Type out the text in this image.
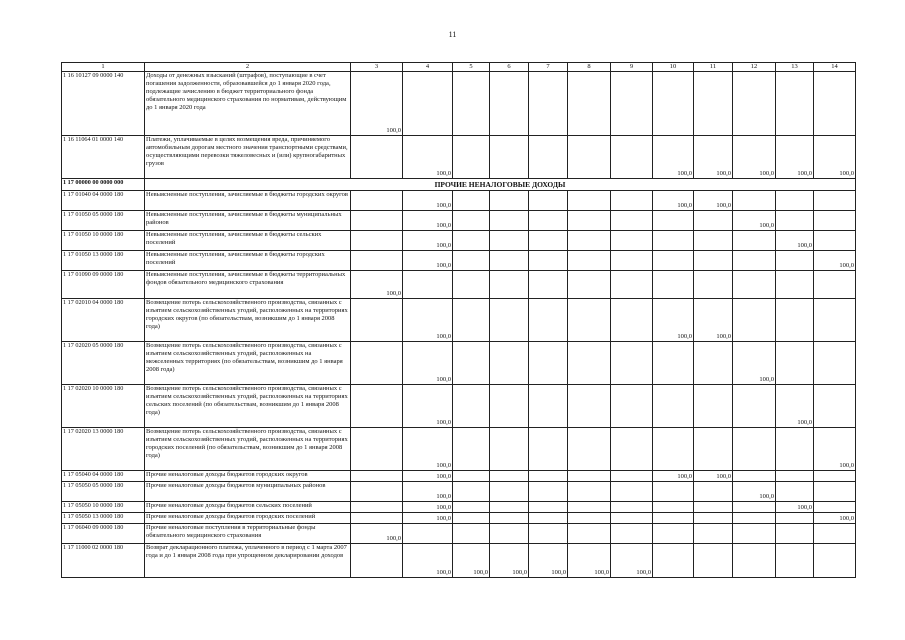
11
1	2	3	4	5	6	7	8	9	10	11	12	13	14
1 16 10127 09 0000 140	Доходы от денежных взысканий (штрафов), поступающие в счет погашения задолженности, образовавшейся до 1 января 2020 года, подлежащие зачислению в бюджет территориального фонда обязательного медицинского страхования по нормативам, действующим до 1 января 2020 года	100,0											
1 16 11064 01 0000 140	Платежи, уплачиваемые в целях возмещения вреда, причиняемого автомобильным дорогам местного значения транспортными средствами, осуществляющими перевозки тяжеловесных и (или) крупногабаритных грузов		100,0						100,0	100,0	100,0	100,0	100,0
1 17 00000 00 0000 000	ПРОЧИЕ НЕНАЛОГОВЫЕ ДОХОДЫ												
1 17 01040 04 0000 180	Невыясненные поступления, зачисляемые в бюджеты городских округов		100,0						100,0	100,0			
1 17 01050 05 0000 180	Невыясненные поступления, зачисляемые в бюджеты муниципальных районов		100,0								100,0		
1 17 01050 10 0000 180	Невыясненные поступления, зачисляемые в бюджеты сельских поселений		100,0									100,0	
1 17 01050 13 0000 180	Невыясненные поступления, зачисляемые в бюджеты городских поселений		100,0										100,0
1 17 01090 09 0000 180	Невыясненные поступления, зачисляемые в бюджеты территориальных фондов обязательного медицинского страхования	100,0											
1 17 02010 04 0000 180	Возмещение потерь сельскохозяйственного производства, связанных с изъятием сельскохозяйственных угодий, расположенных на территориях городских округов (по обязательствам, возникшим до 1 января 2008 года)		100,0						100,0	100,0			
1 17 02020 05 0000 180	Возмещение потерь сельскохозяйственного производства, связанных с изъятием сельскохозяйственных угодий, расположенных на межселенных территориях (по обязательствам, возникшим до 1 января 2008 года)		100,0								100,0		
1 17 02020 10 0000 180	Возмещение потерь сельскохозяйственного производства, связанных с изъятием сельскохозяйственных угодий, расположенных на территориях сельских поселений (по обязательствам, возникшим до 1 января 2008 года)		100,0									100,0	
1 17 02020 13 0000 180	Возмещение потерь сельскохозяйственного производства, связанных с изъятием сельскохозяйственных угодий, расположенных на территориях городских поселений (по обязательствам, возникшим до 1 января 2008 года)		100,0										100,0
1 17 05040 04 0000 180	Прочие неналоговые доходы бюджетов городских округов		100,0						100,0	100,0			
1 17 05050 05 0000 180	Прочие неналоговые доходы бюджетов муниципальных районов		100,0								100,0		
1 17 05050 10 0000 180	Прочие неналоговые доходы бюджетов сельских поселений		100,0									100,0	
1 17 05050 13 0000 180	Прочие неналоговые доходы бюджетов городских поселений		100,0										100,0
1 17 06040 09 0000 180	Прочие неналоговые поступления в территориальные фонды обязательного медицинского страхования	100,0											
1 17 11000 02 0000 180	Возврат декларационного платежа, уплаченного в период с 1 марта 2007 года и до 1 января 2008 года при упрощенном декларировании доходов		100,0	100,0	100,0	100,0	100,0	100,0					
